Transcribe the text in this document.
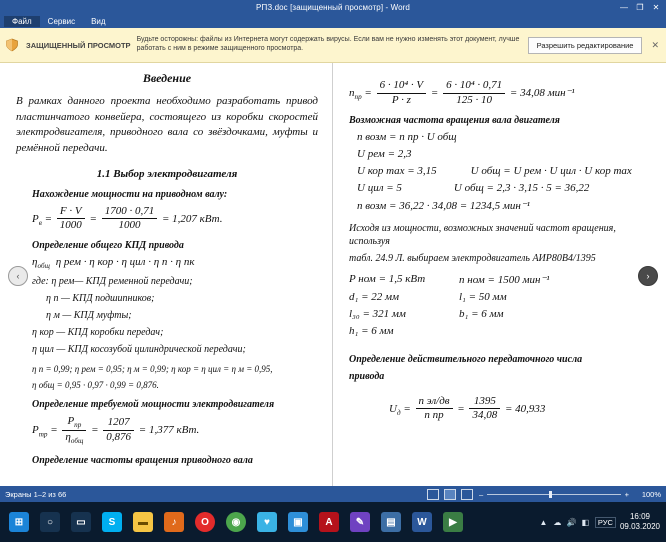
РПЗ.doc [защищенный просмотр] - Word	—	❐	✕
Файл	Сервис	Вид
ЗАЩИЩЕННЫЙ ПРОСМОТР
Будьте осторожны: файлы из Интернета могут содержать вирусы. Если вам не нужно изменять этот документ, лучше работать с ним в режиме защищенного просмотра.	Разрешить редактирование	✕
Введение
В рамках данного проекта необходимо разработать привод пластинчатого конвейера, состоящего из коробки скоростей электродвигателя, приводного вала со звёздочками, муфты и ремённой передачи.
1.1 Выбор электродвигателя
Нахождение мощности на приводном валу:
$P_в = \frac{F \cdot V}{1000} = \frac{1700 \cdot 0,71}{1000} = 1,207$ кВт.
Определение общего КПД привода
$\eta_{общ}$ η рем · η кор · η цил · η п · η пк
где: η рем— КПД ременной передачи;
η п — КПД подшипников;
η м — КПД муфты;
η кор — КПД коробки передач;
η цил — КПД косозубой цилиндрической передачи;
η п = 0,99; η рем = 0,95; η м = 0,99; η кор = η цил = η м = 0,95,
η общ = 0,95 · 0,97 · 0,99 = 0,876.
Определение требуемой мощности электродвигателя
$P_{тр} = \frac{P_{пр}}{\eta_{общ}} = \frac{1207}{0,876} = 1,377$ кВт.
Определение частоты вращения приводного вала
$n_{пр} = \frac{\text{6 · 10⁴ · V}}{P \cdot z} = \frac{\text{6 · 10⁴ · 0,71}}{125 \cdot 10} = 34,08$ мин⁻¹
Возможная частота вращения вала двигателя
n возм = n пр · U общ
U рем = 2,3
U кор max = 3,15	U общ = U рем · U цил · U кор max
U цил = 5	U общ = 2,3 · 3,15 · 5 = 36,22
n возм = 36,22 · 34,08 = 1234,5 мин⁻¹
Исходя из мощности, возможных значений частот вращения, используя
табл. 24.9 Л. выбираем электродвигатель АИР80В4/1395
P ном = 1,5 кВт	n ном = 1500 мин⁻¹
d₁ = 22 мм	l₁ = 50 мм
l₃₀ = 321 мм	b₁ = 6 мм
h₁ = 6 мм
Определение действительного передаточного числа
привода
$U_д = \frac{\text{n эл/дв}}{\text{n пр}} = \frac{1395}{34,08} = 40,933$
‹	›
Экраны 1–2 из 66	–	+	100%
⊞	○	▭	S	▬	♪	O	◉	♥	▣	A	✎	▤	W	▶	▲ ☁ 🔊 ◧	РУС
16:09
09.03.2020
